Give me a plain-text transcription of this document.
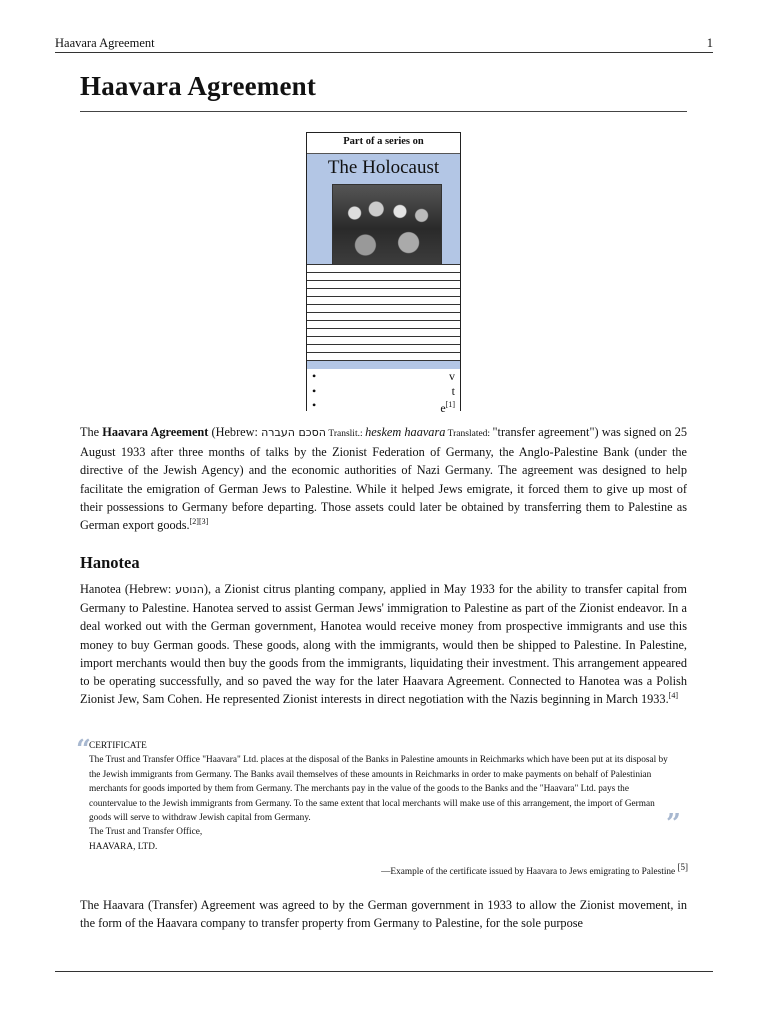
Haavara Agreement	1
Haavara Agreement
Part of a series on
The Holocaust
•	v
•	t
•	e[1]

The Haavara Agreement (Hebrew: הסכם העברה Translit.: heskem haavara Translated: "transfer agreement") was signed on 25 August 1933 after three months of talks by the Zionist Federation of Germany, the Anglo-Palestine Bank (under the directive of the Jewish Agency) and the economic authorities of Nazi Germany. The agreement was designed to help facilitate the emigration of German Jews to Palestine. While it helped Jews emigrate, it forced them to give up most of their possessions to Germany before departing. Those assets could later be obtained by transferring them to Palestine as German export goods.[2][3]

Hanotea

Hanotea (Hebrew: הנוטע), a Zionist citrus planting company, applied in May 1933 for the ability to transfer capital from Germany to Palestine. Hanotea served to assist German Jews' immigration to Palestine as part of the Zionist endeavor. In a deal worked out with the German government, Hanotea would receive money from prospective immigrants and use this money to buy German goods. These goods, along with the immigrants, would then be shipped to Palestine. In Palestine, import merchants would then buy the goods from the immigrants, liquidating their investment. This arrangement appeared to be operating successfully, and so paved the way for the later Haavara Agreement. Connected to Hanotea was a Polish Zionist Jew, Sam Cohen. He represented Zionist interests in direct negotiation with the Nazis beginning in March 1933.[4]

“

CERTIFICATE

The Trust and Transfer Office "Haavara" Ltd. places at the disposal of the Banks in Palestine amounts in Reichmarks which have been put at its disposal by the Jewish immigrants from Germany. The Banks avail themselves of these amounts in Reichmarks in order to make payments on behalf of Palestinian merchants for goods imported by them from Germany. The merchants pay in the value of the goods to the Banks and the "Haavara" Ltd. pays the countervalue to the Jewish immigrants from Germany. To the same extent that local merchants will make use of this arrangement, the import of German goods will serve to withdraw Jewish capital from Germany.

The Trust and Transfer Office,

HAAVARA, LTD.

”
—Example of the certificate issued by Haavara to Jews emigrating to Palestine [5]

The Haavara (Transfer) Agreement was agreed to by the German government in 1933 to allow the Zionist movement, in the form of the Haavara company to transfer property from Germany to Palestine, for the sole purpose
